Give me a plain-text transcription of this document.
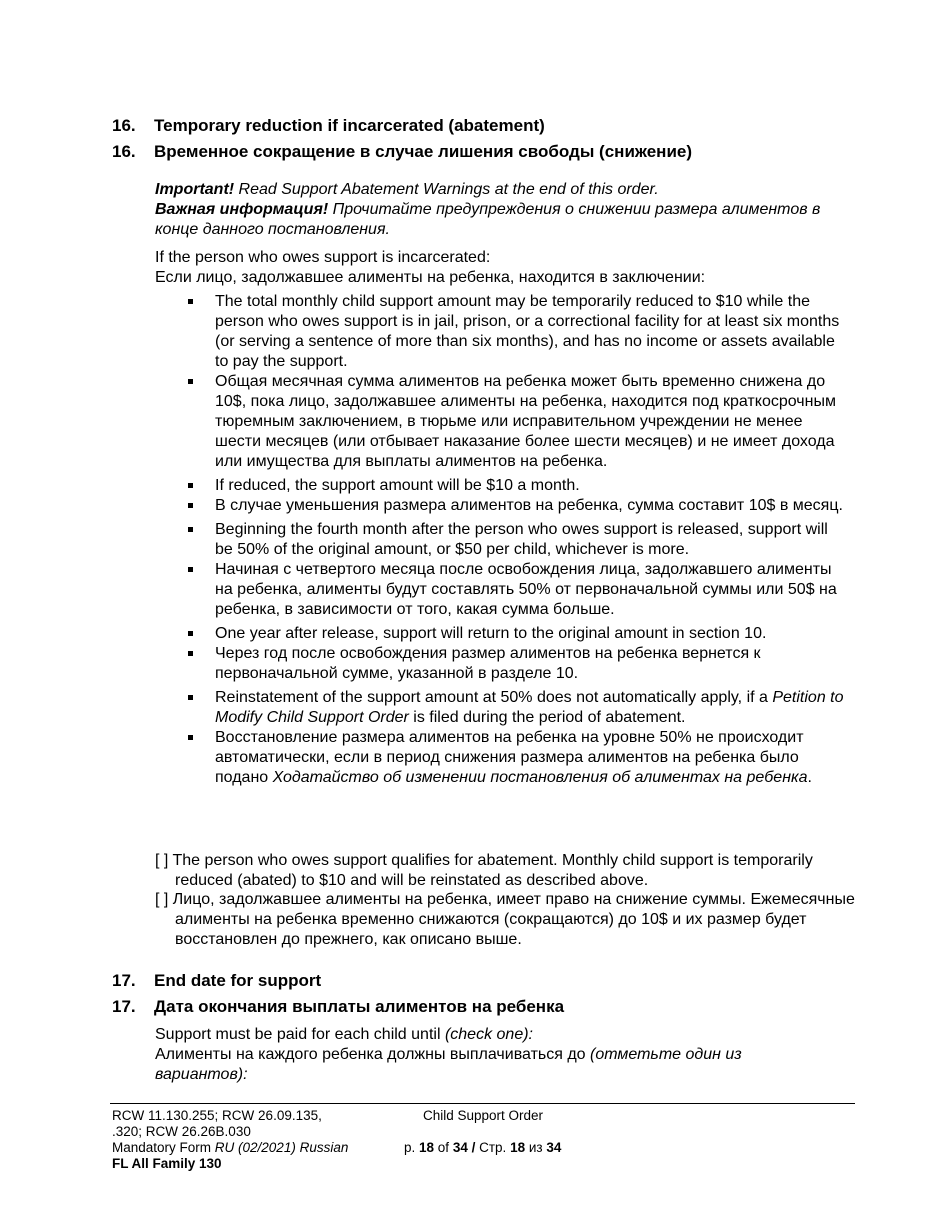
16. Temporary reduction if incarcerated (abatement)
16. Временное сокращение в случае лишения свободы (снижение)

Important! Read Support Abatement Warnings at the end of this order.

Важная информация! Прочитайте предупреждения о снижении размера алиментов в конце данного постановления.

If the person who owes support is incarcerated:

Если лицо, задолжавшее алименты на ребенка, находится в заключении:

The total monthly child support amount may be temporarily reduced to $10 while the person who owes support is in jail, prison, or a correctional facility for at least six months (or serving a sentence of more than six months), and has no income or assets available to pay the support.
Общая месячная сумма алиментов на ребенка может быть временно снижена до 10$, пока лицо, задолжавшее алименты на ребенка, находится под краткосрочным тюремным заключением, в тюрьме или исправительном учреждении не менее шести месяцев (или отбывает наказание более шести месяцев) и не имеет дохода или имущества для выплаты алиментов на ребенка.
If reduced, the support amount will be $10 a month.
В случае уменьшения размера алиментов на ребенка, сумма составит 10$ в месяц.
Beginning the fourth month after the person who owes support is released, support will be 50% of the original amount, or $50 per child, whichever is more.
Начиная с четвертого месяца после освобождения лица, задолжавшего алименты на ребенка, алименты будут составлять 50% от первоначальной суммы или 50$ на ребенка, в зависимости от того, какая сумма больше.
One year after release, support will return to the original amount in section 10.
Через год после освобождения размер алиментов на ребенка вернется к первоначальной сумме, указанной в разделе 10.
Reinstatement of the support amount at 50% does not automatically apply, if a Petition to Modify Child Support Order is filed during the period of abatement.
Восстановление размера алиментов на ребенка на уровне 50% не происходит автоматически, если в период снижения размера алиментов на ребенка было подано Ходатайство об изменении постановления об алиментах на ребенка.
[ ] The person who owes support qualifies for abatement. Monthly child support is temporarily reduced (abated) to $10 and will be reinstated as described above.
[ ] Лицо, задолжавшее алименты на ребенка, имеет право на снижение суммы. Ежемесячные алименты на ребенка временно снижаются (сокращаются) до 10$ и их размер будет восстановлен до прежнего, как описано выше.
17. End date for support
17. Дата окончания выплаты алиментов на ребенка

Support must be paid for each child until (check one):

Алименты на каждого ребенка должны выплачиваться до (отметьте один из вариантов):

RCW 11.130.255; RCW 26.09.135,
.320; RCW 26.26B.030
Mandatory Form RU (02/2021) Russian
FL All Family 130
Child Support Order
p. 18 of 34 / Стр. 18 из 34
